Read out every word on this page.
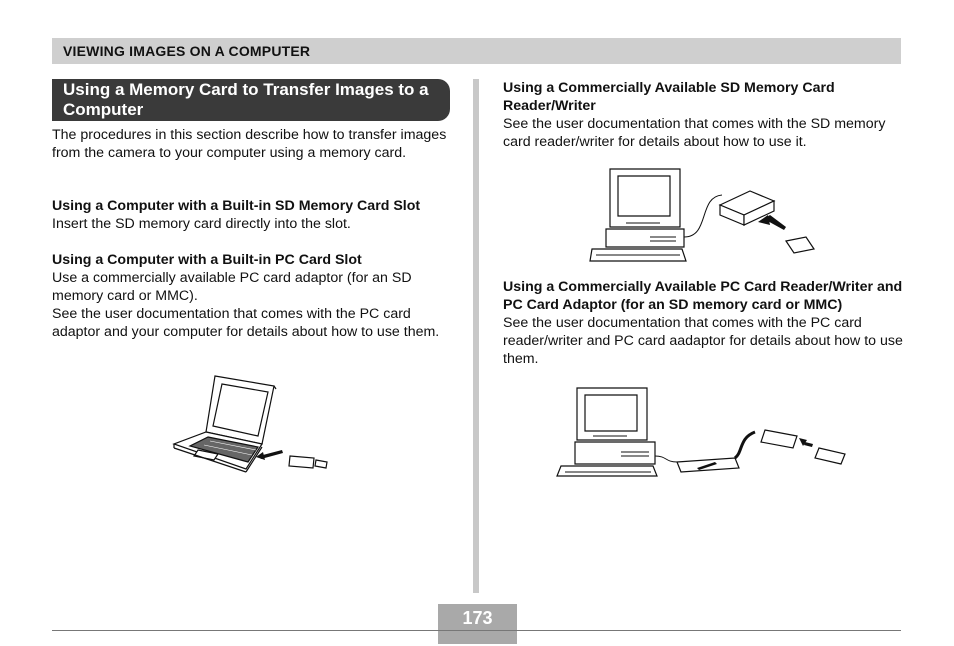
VIEWING IMAGES ON A COMPUTER
Using a Memory Card to Transfer Images to a Computer
The procedures in this section describe how to transfer images from the camera to your computer using a memory card.
Using a Computer with a Built-in SD Memory Card Slot
Insert the SD memory card directly into the slot.
Using a Computer with a Built-in PC Card Slot
Use a commercially available PC card adaptor (for an SD memory card or MMC).
See the user documentation that comes with the PC card adaptor and your computer for details about how to use them.
Using a Commercially Available SD Memory Card Reader/Writer
See the user documentation that comes with the SD memory card reader/writer for details about how to use it.
Using a Commercially Available PC Card Reader/Writer and PC Card Adaptor (for an SD memory card or MMC)
See the user documentation that comes with the PC card reader/writer and PC card aadaptor for details about how to use them.
173
